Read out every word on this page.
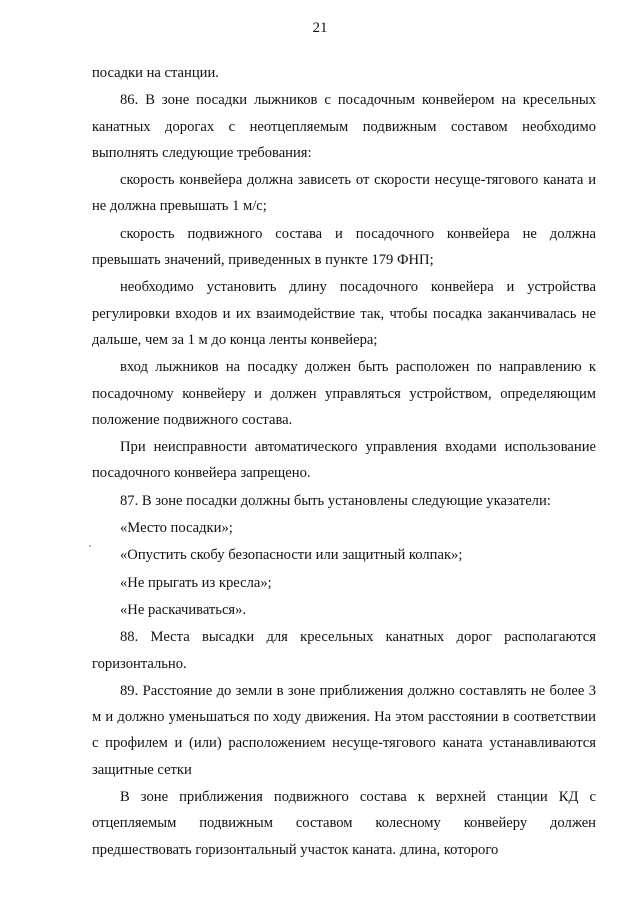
21

посадки на станции.

86. В зоне посадки лыжников с посадочным конвейером на кресельных канатных дорогах с неотцепляемым подвижным составом необходимо выполнять следующие требования:

скорость конвейера должна зависеть от скорости несуще-тягового каната и не должна превышать 1 м/с;

скорость подвижного состава и посадочного конвейера не должна превышать значений, приведенных в пункте 179 ФНП;

необходимо установить длину посадочного конвейера и устройства регулировки входов и их взаимодействие так, чтобы посадка заканчивалась не дальше, чем за 1 м до конца ленты конвейера;

вход лыжников на посадку должен быть расположен по направлению к посадочному конвейеру и должен управляться устройством, определяющим положение подвижного состава.

При неисправности автоматического управления входами использование посадочного конвейера запрещено.

87. В зоне посадки должны быть установлены следующие указатели:

«Место посадки»;

«Опустить скобу безопасности или защитный колпак»;

«Не прыгать из кресла»;

«Не раскачиваться».

88. Места высадки для кресельных канатных дорог располагаются горизонтально.

89. Расстояние до земли в зоне приближения должно составлять не более 3 м и должно уменьшаться по ходу движения. На этом расстоянии в соответствии с профилем и (или) расположением несуще-тягового каната устанавливаются защитные сетки

В зоне приближения подвижного состава к верхней станции КД с отцепляемым подвижным составом колесному конвейеру должен предшествовать горизонтальный участок каната. длина, которого
